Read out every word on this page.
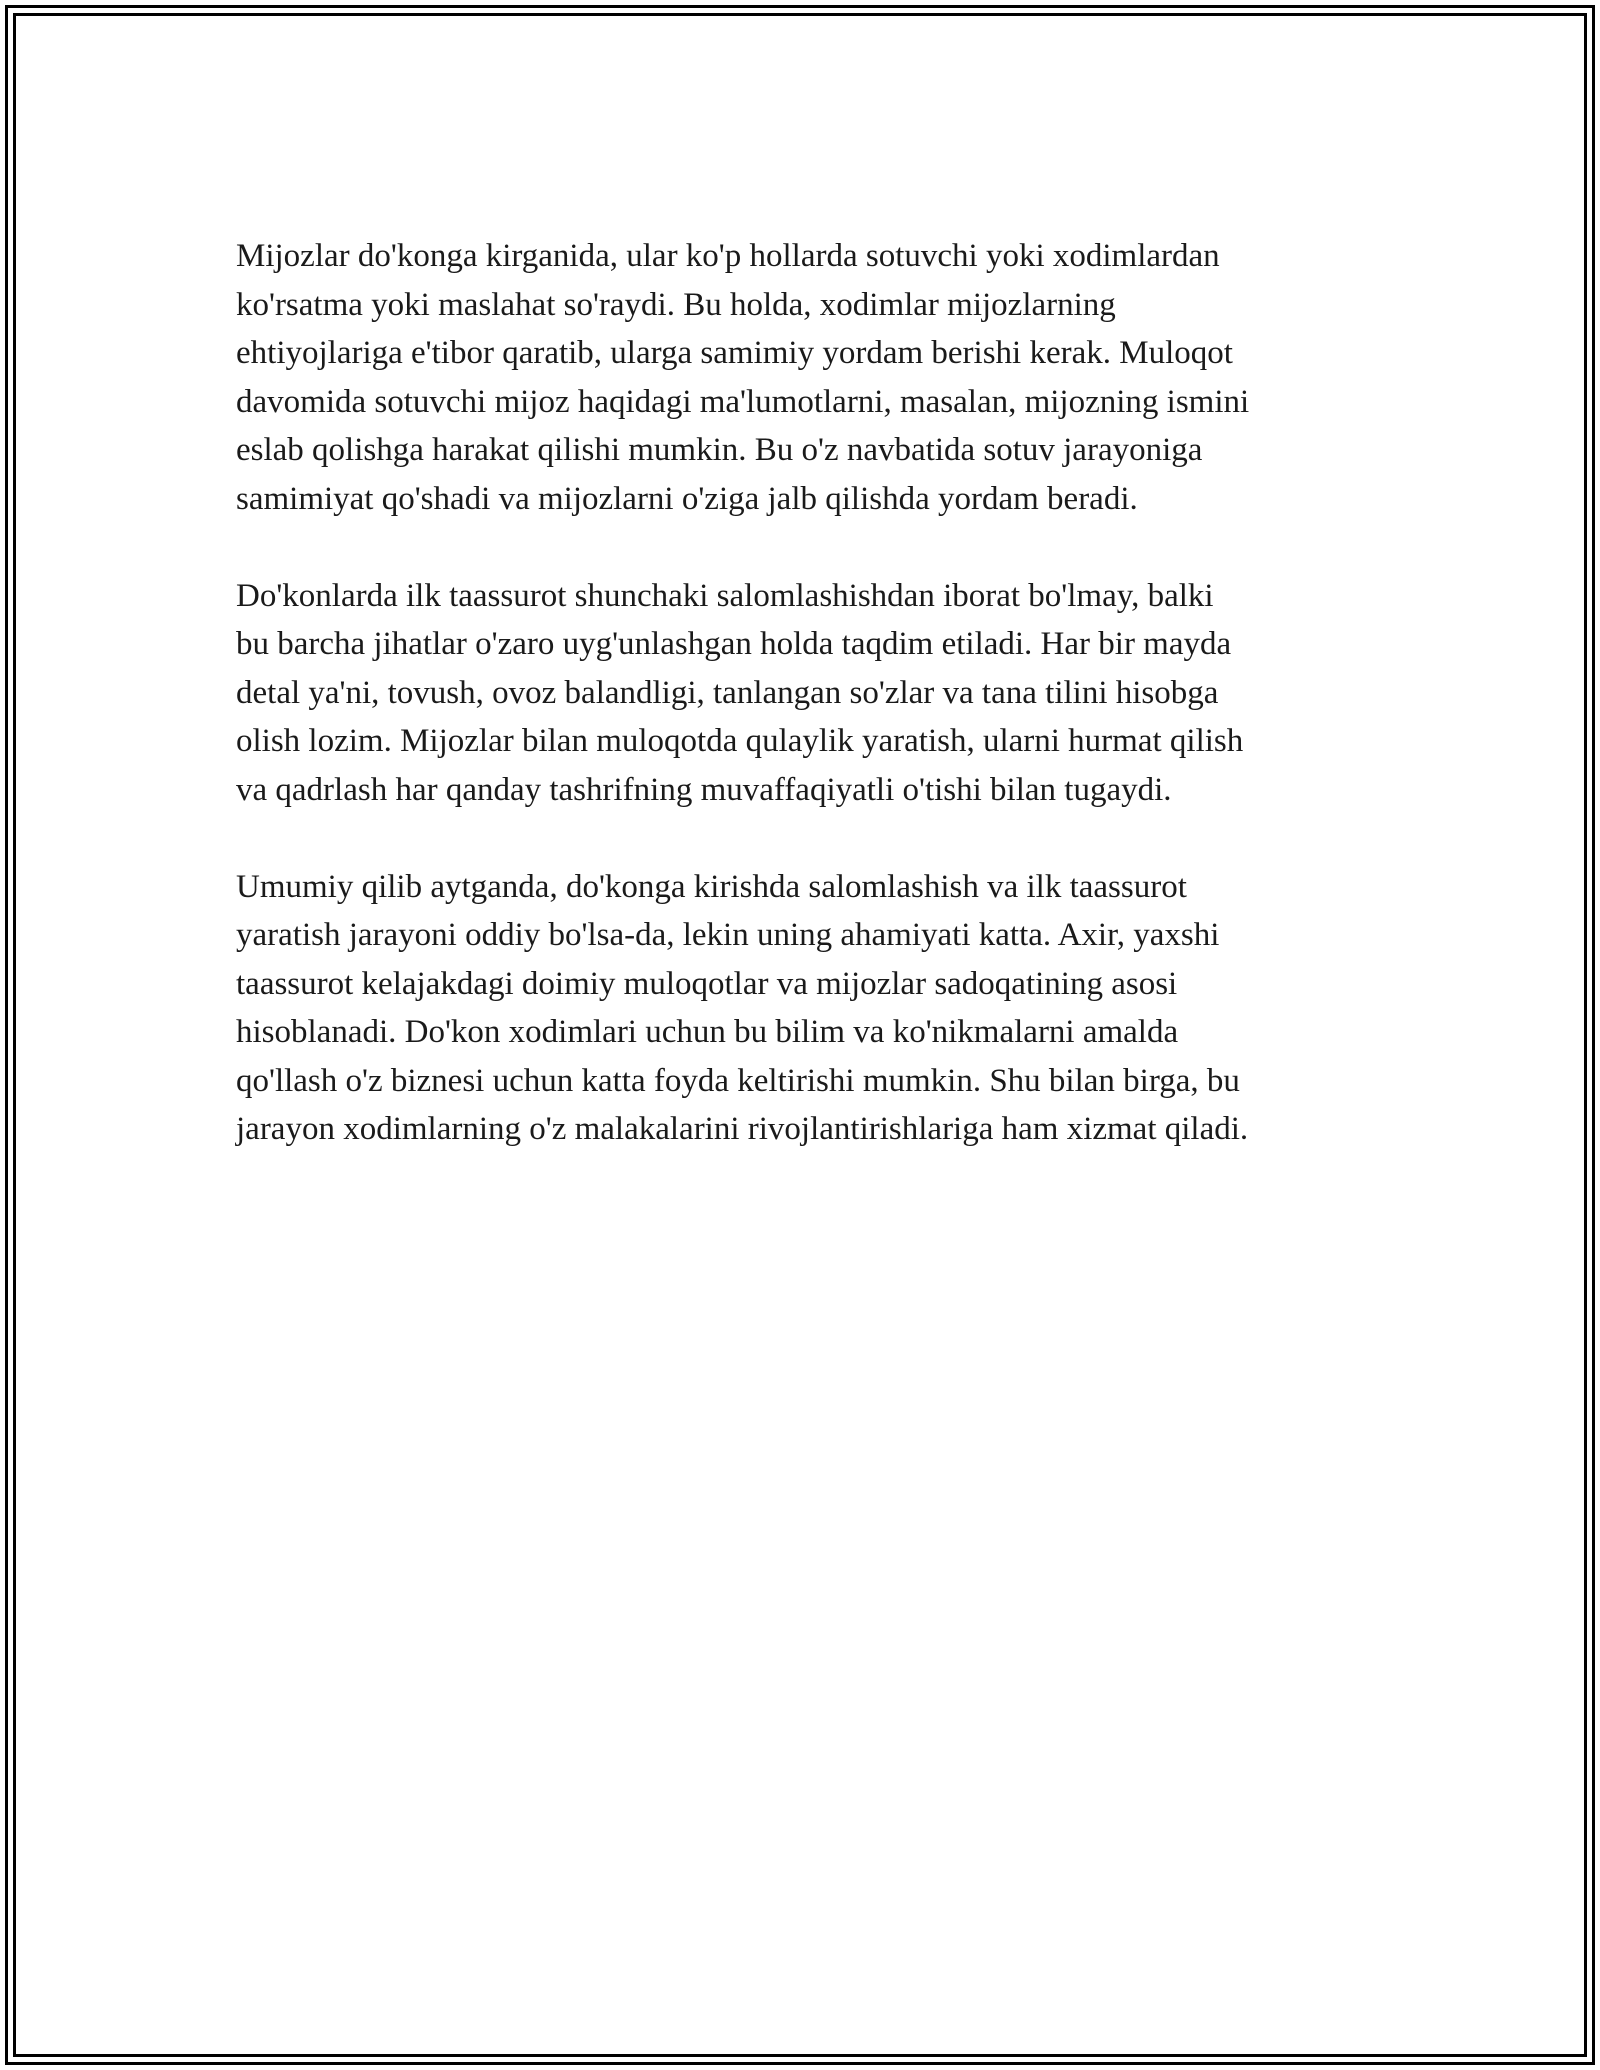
Mijozlar do'konga kirganida, ular ko'p hollarda sotuvchi yoki xodimlardan
ko'rsatma yoki maslahat so'raydi. Bu holda, xodimlar mijozlarning
ehtiyojlariga e'tibor qaratib, ularga samimiy yordam berishi kerak. Muloqot
davomida sotuvchi mijoz haqidagi ma'lumotlarni, masalan, mijozning ismini
eslab qolishga harakat qilishi mumkin. Bu o'z navbatida sotuv jarayoniga
samimiyat qo'shadi va mijozlarni o'ziga jalb qilishda yordam beradi.

Do'konlarda ilk taassurot shunchaki salomlashishdan iborat bo'lmay, balki
bu barcha jihatlar o'zaro uyg'unlashgan holda taqdim etiladi. Har bir mayda
detal ya'ni, tovush, ovoz balandligi, tanlangan so'zlar va tana tilini hisobga
olish lozim. Mijozlar bilan muloqotda qulaylik yaratish, ularni hurmat qilish
va qadrlash har qanday tashrifning muvaffaqiyatli o'tishi bilan tugaydi.

Umumiy qilib aytganda, do'konga kirishda salomlashish va ilk taassurot
yaratish jarayoni oddiy bo'lsa-da, lekin uning ahamiyati katta. Axir, yaxshi
taassurot kelajakdagi doimiy muloqotlar va mijozlar sadoqatining asosi
hisoblanadi. Do'kon xodimlari uchun bu bilim va ko'nikmalarni amalda
qo'llash o'z biznesi uchun katta foyda keltirishi mumkin. Shu bilan birga, bu
jarayon xodimlarning o'z malakalarini rivojlantirishlariga ham xizmat qiladi.
